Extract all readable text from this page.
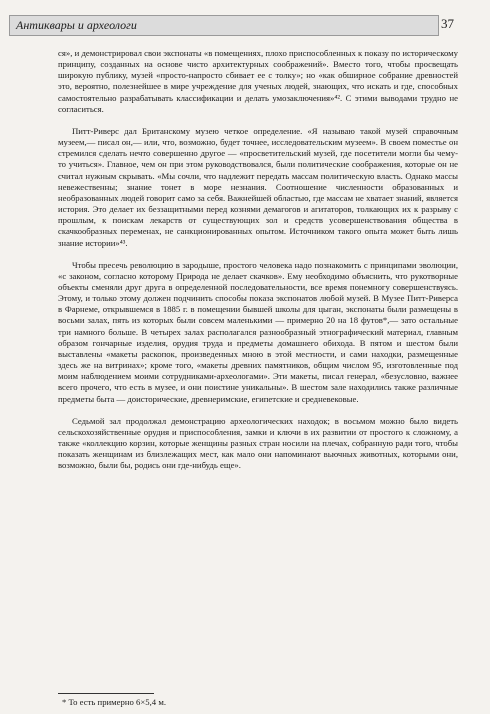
Антиквары и археологи	37

ся», и демонстрировал свои экспонаты «в помещениях, плохо приспособленных к показу по историческому принципу, созданных на основе чисто архитектурных соображений». Вместо того, чтобы просвещать широкую публику, музей «просто-напросто сбивает ее с толку»; но «как обширное собрание древностей это, вероятно, полезнейшее в мире учреждение для ученых людей, знающих, что искать и где, способных самостоятельно разрабатывать классификации и делать умозаключения»⁴². С этими выводами трудно не согласиться.

Питт-Риверс дал Британскому музею четкое определение. «Я называю такой музей справочным музеем,— писал он,— или, что, возможно, будет точнее, исследовательским музеем». В своем поместье он стремился сделать нечто совершенно другое — «просветительский музей, где посетители могли бы чему-то учиться». Главное, чем он при этом руководствовался, были политические соображения, которые он не считал нужным скрывать. «Мы сочли, что надлежит передать массам политическую власть. Однако массы невежественны; знание тонет в море незнания. Соотношение численности образованных и необразованных людей говорит само за себя. Важнейшей областью, где массам не хватает знаний, является история. Это делает их беззащитными перед кознями демагогов и агитаторов, толкающих их к разрыву с прошлым, к поискам лекарств от существующих зол и средств усовершенствования общества в скачкообразных переменах, не санкционированных опытом. Источником такого опыта может быть лишь знание истории»⁴³.

Чтобы пресечь революцию в зародыше, простого человека надо познакомить с принципами эволюции, «с законом, согласно которому Природа не делает скачков». Ему необходимо объяснить, что рукотворные объекты сменяли друг друга в определенной последовательности, все время понемногу совершенствуясь. Этому, и только этому должен подчинить способы показа экспонатов любой музей. В Музее Питт-Риверса в Фарнеме, открывшемся в 1885 г. в помещении бывшей школы для цыган, экспонаты были размещены в восьми залах, пять из которых были совсем маленькими — примерно 20 на 18 футов*,— зато остальные три намного больше. В четырех залах располагался разнообразный этнографический материал, главным образом гончарные изделия, орудия труда и предметы домашнего обихода. В пятом и шестом были выставлены «макеты раскопок, произведенных мною в этой местности, и сами находки, размещенные здесь же на витринах»; кроме того, «макеты древних памятников, общим числом 95, изготовленные под моим наблюдением моими сотрудниками-археологами». Эти макеты, писал генерал, «безусловно, важнее всего прочего, что есть в музее, и они поистине уникальны». В шестом зале находились также различные предметы быта — доисторические, древнеримские, египетские и средневековые.

Седьмой зал продолжал демонстрацию археологических находок; в восьмом можно было видеть сельскохозяйственные орудия и приспособления, замки и ключи в их развитии от простого к сложному, а также «коллекцию корзин, которые женщины разных стран носили на плечах, собранную ради того, чтобы показать женщинам из близлежащих мест, как мало они напоминают вьючных животных, которыми они, возможно, были бы, родись они где-нибудь еще».

* То есть примерно 6×5,4 м.
